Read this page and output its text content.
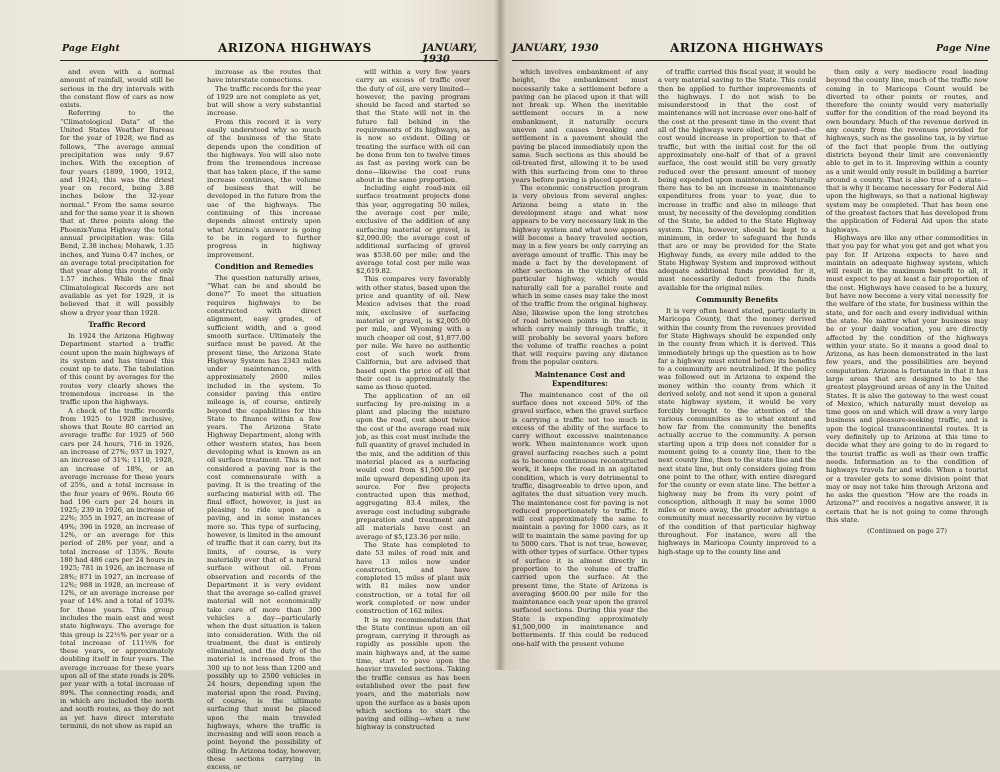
Page Eight	ARIZONA HIGHWAYS	JANUARY,

and even with a normal amount of rainfall, would still be serious in the dry intervals with the constant flow of cars as now exists.

Referring to the “Climatological Data” of the United States Weather Bureau for the year of 1928, we find as follows, “The average annual precipitation was only 9.67 inches. With the exception of four years (1899, 1900, 1912, and 1924), this was the driest year on record, being 3.88 inches below the 32-year normal.” From the same source and for the same year it is shown that at three points along the Phoenix-Yuma Highway the total annual precipitation was: Gila Bend, 2.38 inches; Mohawk, 1.35 inches, and Yuma 0.47 inches, or an average total precipitation for that year along this route of only 1.57 inches. While the final Climatological Records are not available as yet for 1929, it is believed that it will possibly show a dryer year than 1928.

Traffic Record

In 1924 the Arizona Highway Department started a traffic count upon the main highways of its system and has tinued this count up to date. The tabulation of this count by averages for the routes very clearly shows the tremendous increase in the traffic upon the highways.

A check of the traffic records from 1925 to 1928 inclusive, shows that Route 80 carried an average traffic for 1925 of 560 cars per 24 hours, 716 in 1926, an increase of 27%; 937 in 1927, an increase of 31%; 1110, 1928, an increase of 18%, or an average increase for these years of 25%, and a total increase in the four years of 96%. Route 66 had 196 cars per 24 hours in 1925; 239 in 1926, an increase of 22%; 355 in 1927, an increase of 49%; 396 in 1928, an increase of 12%, or an average for this period of 28% per year, and a total increase of 135%. Route 180 had 486 cars per 24 hours in 1925; 781 in 1926, an increase of 28%; 871 in 1927, an increase of 12%; 988 in 1928, an increase of 12%, or an average increase per year of 14% and a total of 103% for these years. This group includes the main east and west state highways. The average for this group is 22½% per year or a total increase of 111⅓% for these years, or approximately doubling itself in four years. The average increase for these years upon all of the state roads is 20% per year with a total increase of 89%. The connecting roads, and in which are included the north and south routes, as they do not as yet have direct interstate terminii, do not show as rapid an

increase as the routes that have interstate connections.

The traffic records for the year of 1929 are not complete as yet, but will show a very substantial increase.

From this record it is very easily understood why so much of the business of the State depends upon the condition of the highways. You will also note from the tremendous increase that has taken place, if the same increase continues, the volume of business that will be developed in the future from the use of the highways. The continuing of this increase depends almost entirely upon what Arizona's answer is going to be in regard to further progress in highway improvement.

Condition and Remedies

The question naturally arises, “What can be and should be done?” To meet the situation requires highways to be constructed with direct alignment, easy grades, of sufficient width, and a good smooth surface. Ultimately the surface must be paved. At the present time, the Arizona State Highway System has 2343 miles under maintenance, with approximately 2600 miles included in the system. To consider paving this entire mileage is, of course, entirely beyond the capabilities for this State to finance within a few years. The Arizona State Highway Department, along with other western states, has been developing what is known as an oil surface treatment. This is not considered a paving nor is the cost commensurate with a paving. It is the treating of the surfacing material with oil. The final effect, however, is just as pleasing to ride upon as a paving, and in some instances more so. This type of surfacing, however, is limited in the amount of traffic that it can carry, but its limits, of course, is very materially over that of a natural surface without oil. From observation and records of the Department it is very evident that the average so-called gravel material will not economically take care of more than 300 vehicles a day—particularly when the dust situation is taken into consideration. With the oil treatment, the dust is entirely eliminated, and the duty of the material is increased from the 300 up to not less than 1200 and possibly up to 2500 vehicles in 24 hours, depending upon the material upon the road. Paving, of course, is the ultimate surfacing that must be placed upon the main traveled highways, where the traffic is increasing and will soon reach a point beyond the possibility of oiling. In Arizona today, however, these sections carrying in excess, or

will within a very few years carry an excess of traffic over the duty of oil, are very limited—however, the paving program should be faced and started so that the State will not in the future fall behind in the requirements of its highways, as is now so evident. Oiling or treating the surface with oil can be done from ten to twelve times as fast as paving work can be done—likewise the cost runs about in the same proportion.

Including eight road-mix oil surface treatment projects done this year, aggregating 50 miles, the average cost per mile, exclusive of the addition of any surfacing material or gravel, is $2,090.00; the average cost of additional surfacing of gravel was $538.60 per mile; and the average total cost per mile was $2,619.82.

This compares very favorably with other states, based upon the price and quantity of oil. New Mexico advises that the road mix, exclusive of surfacing material or gravel, is $2,005.00 per mile, and Wyoming with a much cheaper oil cost, $1,877.00 per mile. We have no authentic cost of such work from California, but are advised that based upon the price of oil that their cost is approximately the same as those quoted.

The application of an oil surfacing by pre-mixing in a plant and placing the mixture upon the road, cost about twice the cost of the average road mix job, as this cost must include the full quantity of gravel included in the mix, and the addition of this material placed as a surfacing would cost from $1,500.00 per mile upward depending upon its source. For five projects contracted upon this method, aggregating 83.4 miles, the average cost including subgrade preparation and treatment and all materials have cost an average of $5,123.36 per mile.

The State has completed to date 53 miles of road mix and have 13 miles now under construction, and have completed 15 miles of plant mix with 81 miles now under construction, or a total for oil work completed or now under construction of 162 miles.

It is my recommendation that the State continue upon an oil program, carrying it through as rapidly as possible upon the main highways and, at the same time, start to pave upon the heavier traveled sections. Taking the traffic census as has been established over the past few years, and the materials now upon the surface as a basis upon which sections to start the paving and oiling—when a new highway is constructed

JANUARY, 1930	ARIZONA HIGHWAYS	Page Nine

which involves embankment of any height, the embankment must necessarily take a settlement before a paving can be placed upon it that will not break up. When the inevitable settlement occurs in a new embankment, it naturally occurs uneven and causes breaking and settlement in a pavement should the paving be placed immediately upon the same. Such sections as this should be oil-treated first, allowing it to be used with this surfacing from one to three years before paving is placed upon it.

The economic construction program is very obvious from several angles: Arizona being a state in the development stage and what now appears to be very necessary link in the highway system and what now appears will become a heavy traveled section, may in a few years be only carrying an average amount of traffic. This may be made a fact by the development of other sections in the vicinity of this particular highway, which would naturally call for a parallel route and which in some cases may take the most of the traffic from the original highway. Also, likewise upon the long stretches of road between points in the state, which carry mainly through traffic, it will probably be several years before the volume of traffic reaches a point that will require paving any distance from the popular centers.

Maintenance Cost and Expenditures:

The maintenance cost of the oil surface does not exceed 50% of the gravel surface, when the gravel surface is carrying a traffic not too much in excess of the ability of the surface to carry without excessive maintenance work. When maintenance work upon gravel surfacing reaches such a point as to become continuous reconstructed work, it keeps the road in an agitated condition, which is very detrimental to traffic, disagreeable to drive upon, and agitates the dust situation very much. The maintenance cost for paving is not reduced proportionately to traffic. It will cost approximately the same to maintain a paving for 1000 cars, as it will to maintain the same paving for up to 5000 cars. That is not true, however, with other types of surface. Other types of surface it is almost directly in proportion to the volume of traffic carried upon the surface. At the present time, the State of Arizona is averaging $600.00 per mile for the maintenance each year upon the gravel surfaced sections. During this year the State is expending approximately $1,500,000 in maintenance and betterments. If this could be reduced one-half with the present volume

of traffic carried this fiscal year, it would be a very material saving to the State. This could then be applied to further improvements of the highways. I do not wish to be misunderstood in that the cost of maintenance will not increase over one-half of the cost at the present time in the event that all of the highways were oiled, or paved—the cost would increase in proportion to that of traffic, but with the initial cost for the oil approximately one-half of that of a gravel surface, the cost would still be very greatly reduced over the present amount of money being expended upon maintenance. Naturally there has to be an increase in maintenance expenditures from year to year, due to increase in traffic and also in mileage that must, by necessity of the developing condition of the State, be added to the State Highway system. This, however, should be kept to a minimum, in order to safeguard the funds that are or may be provided for the State Highway funds, as every mile added to the State Highway System and improved without adequate additional funds provided for it, must necessarily deduct from the funds available for the original miles.

Community Benefits

It is very often heard stated, particularly in Maricopa County, that the money derived within the county from the revenues provided for State Highways should be expended only in the county from which it is derived. This immediately brings up the question as to how far a highway must extend before its benefits to a community are neutralized. If the policy was followed out in Arizona to expend the money within the county from which it derived solely, and not send it upon a general state highway system, it would be very forcibly brought to the attention of the various communities as to what extent and how far from the community the benefits actually accrue to the community. A person starting upon a trip does not consider for a moment going to a county line, then to the next county line, then to the state line and the next state line, but only considers going from one point to the other, with entire disregard for the county or even state line. The better a highway may be from its very point of conception, although it may be some 1000 miles or more away, the greater advantage a community must necessarily receive by virtue of the condition of that particular highway throughout. For instance, were all the highways in Maricopa County improved to a high-stage up to the county line and

then only a very mediocre road leading beyond the county line, much of the traffic now coming in to Maricopa Count would be diverted to other points or routes, and therefore the county would very materially suffer for the condition of the road beyond its own boundary. Much of the revenue derived in any county from the revenues provided for highways, such as the gasoline tax, is by virtue of the fact that people from the outlying districts beyond their limit are conveniently able to get in to it. Improving within a county as a unit would only result in building a barrier around a county. That is also true of a state—that is why it became necessary for Federal Aid upon the highways, so that a national highway system may be completed. That has been one of the greatest factors that has developed from the application of Federal Aid upon the state highways.

Highways are like any other commodities in that you pay for what you get and get what you pay for. If Arizona expects to have and maintain an adequate highway system, which will result in the maximum benefit to all, it must expect to pay at least a fair proportion of the cost. Highways have ceased to be a luxury, but have now become a very vital necessity for the welfare of the state, for business within the state, and for each and every individual within the state. No matter what your business may be or your daily vocation, you are directly affected by the condition of the highways within your state. So it means a good deal to Arizona, as has been demonstrated in the last few years, and the possibilities are beyond computation. Arizona is fortunate in that it has large areas that are designed to be the greatest playground areas of any in the United States. It is also the gateway to the west coast of Mexico, which naturally must develop as time goes on and which will draw a very large business and pleasure-seeking traffic, and is upon the logical transcontinental routes. It is very definitely up to Arizona at this time to decide what they are going to do in regard to the tourist traffic as well as their own traffic needs. Information as to the condition of highways travels far and wide. When a tourist or a traveler gets to some division point that may or may not take him through Arizona and he asks the question “How are the roads in Arizona?” and receives a negative answer, it is certain that he is not going to come through this state.

(Continued on page 27)
